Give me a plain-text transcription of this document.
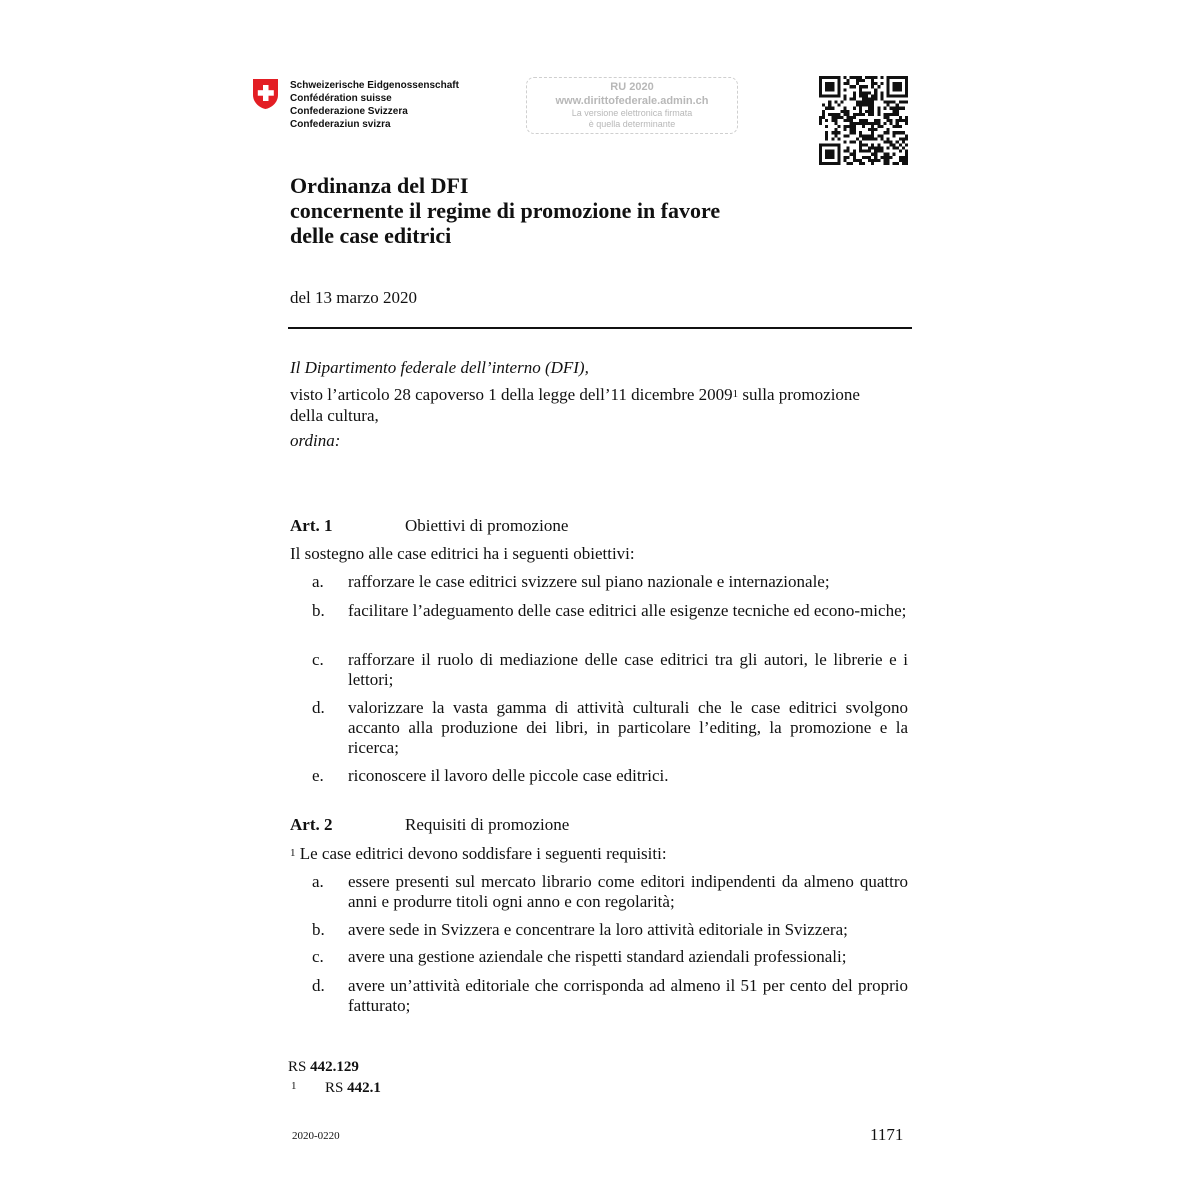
Schweizerische Eidgenossenschaft
Confédération suisse
Confederazione Svizzera
Confederaziun svizra
RU 2020
www.dirittofederale.admin.ch
La versione elettronica firmata
è quella determinante
Ordinanza del DFI
concernente il regime di promozione in favore
delle case editrici
del 13 marzo 2020
Il Dipartimento federale dell’interno (DFI),
visto l’articolo 28 capoverso 1 della legge dell’11 dicembre 2009$^1$ sulla promozione
della cultura,
ordina:
Art. 1	Obiettivi di promozione
Il sostegno alle case editrici ha i seguenti obiettivi:
a. rafforzare le case editrici svizzere sul piano nazionale e internazionale;
b. facilitare l’adeguamento delle case editrici alle esigenze tecniche ed econo-miche;
c. rafforzare il ruolo di mediazione delle case editrici tra gli autori, le librerie e i lettori;
d. valorizzare la vasta gamma di attività culturali che le case editrici svolgono accanto alla produzione dei libri, in particolare l’editing, la promozione e la ricerca;
e. riconoscere il lavoro delle piccole case editrici.
Art. 2	Requisiti di promozione
$^1$ Le case editrici devono soddisfare i seguenti requisiti:
a. essere presenti sul mercato librario come editori indipendenti da almeno quattro anni e produrre titoli ogni anno e con regolarità;
b. avere sede in Svizzera e concentrare la loro attività editoriale in Svizzera;
c. avere una gestione aziendale che rispetti standard aziendali professionali;
d. avere un’attività editoriale che corrisponda ad almeno il 51 per cento del proprio fatturato;
RS 442.129
1 RS 442.1
2020-0220	1171
